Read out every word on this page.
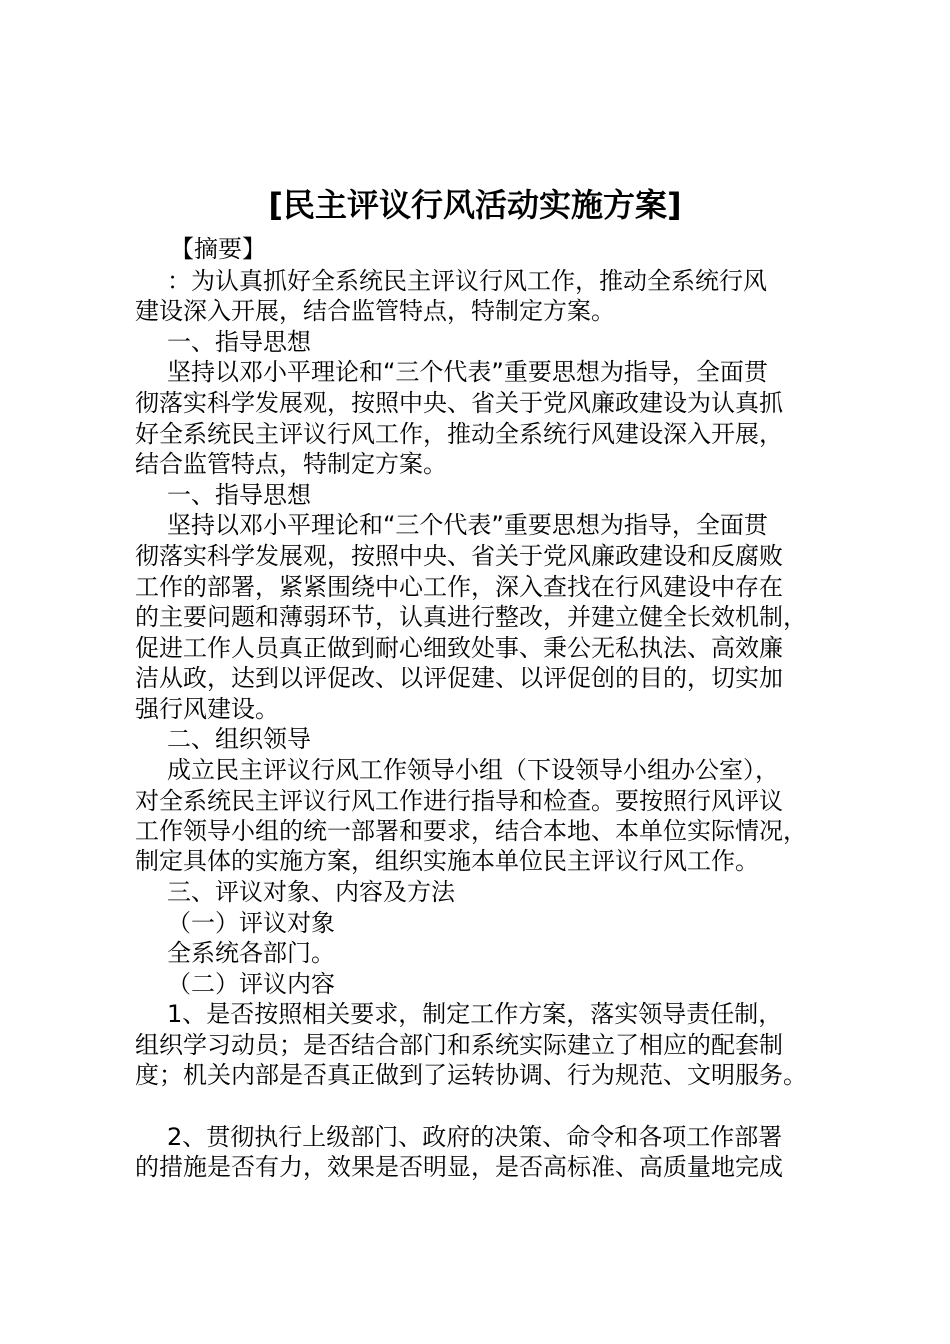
[民主评议行风活动实施方案]
【摘要】
：为认真抓好全系统民主评议行风工作，推动全系统行风
建设深入开展，结合监管特点，特制定方案。
一、指导思想
坚持以邓小平理论和“三个代表”重要思想为指导，全面贯
彻落实科学发展观，按照中央、省关于党风廉政建设为认真抓
好全系统民主评议行风工作，推动全系统行风建设深入开展，
结合监管特点，特制定方案。
一、指导思想
坚持以邓小平理论和“三个代表”重要思想为指导，全面贯
彻落实科学发展观，按照中央、省关于党风廉政建设和反腐败
工作的部署，紧紧围绕中心工作，深入查找在行风建设中存在
的主要问题和薄弱环节，认真进行整改，并建立健全长效机制，
促进工作人员真正做到耐心细致处事、秉公无私执法、高效廉
洁从政，达到以评促改、以评促建、以评促创的目的，切实加
强行风建设。
二、组织领导
成立民主评议行风工作领导小组（下设领导小组办公室），
对全系统民主评议行风工作进行指导和检查。要按照行风评议
工作领导小组的统一部署和要求，结合本地、本单位实际情况，
制定具体的实施方案，组织实施本单位民主评议行风工作。
三、评议对象、内容及方法
（一）评议对象
全系统各部门。
（二）评议内容
1、是否按照相关要求，制定工作方案，落实领导责任制，
组织学习动员；是否结合部门和系统实际建立了相应的配套制
度；机关内部是否真正做到了运转协调、行为规范、文明服务。
2、贯彻执行上级部门、政府的决策、命令和各项工作部署
的措施是否有力，效果是否明显，是否高标准、高质量地完成
